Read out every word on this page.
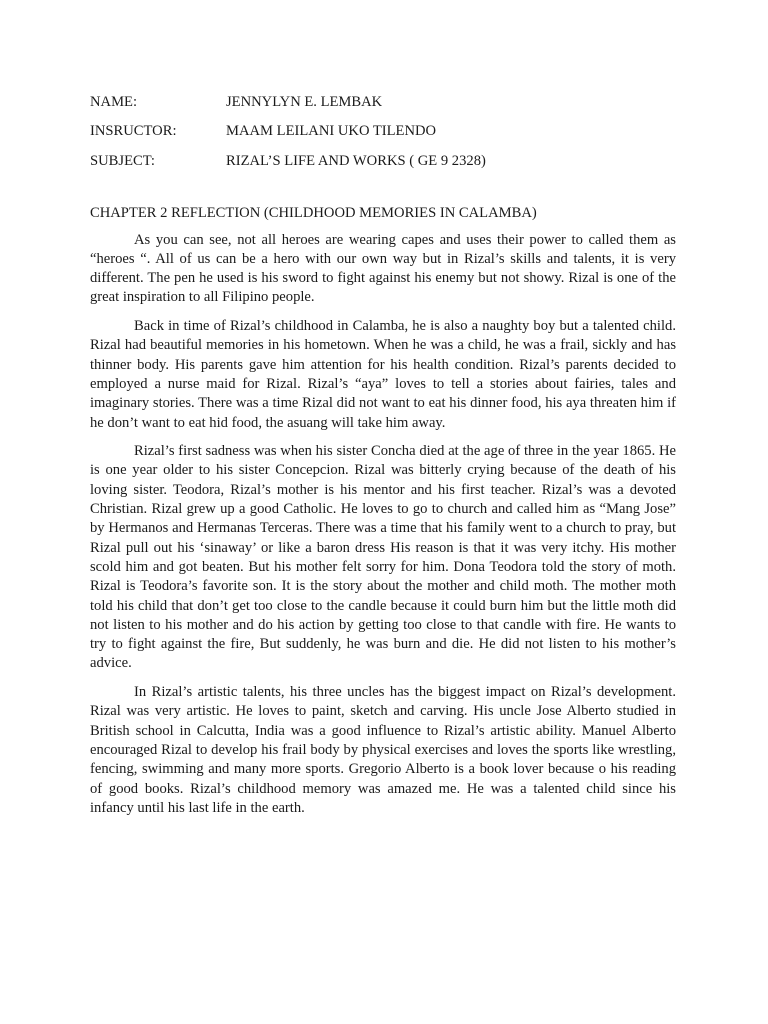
NAME:	JENNYLYN E. LEMBAK
INSRUCTOR:	MAAM LEILANI UKO TILENDO
SUBJECT:	RIZAL’S LIFE AND WORKS ( GE 9 2328)
CHAPTER 2 REFLECTION (CHILDHOOD MEMORIES IN CALAMBA)

As you can see, not all heroes are wearing capes and uses their power to called them as “heroes “. All of us can be a hero with our own way but in Rizal’s skills and talents, it is very different. The pen he used is his sword to fight against his enemy but not showy. Rizal is one of the great inspiration to all Filipino people.

Back in time of Rizal’s childhood in Calamba, he is also a naughty boy but a talented child. Rizal had beautiful memories in his hometown. When he was a child, he was a frail, sickly and has thinner body. His parents gave him attention for his health condition. Rizal’s parents decided to employed a nurse maid for Rizal. Rizal’s “aya” loves to tell a stories about fairies, tales and imaginary stories. There was a time Rizal did not want to eat his dinner food, his aya threaten him if he don’t want to eat hid food, the asuang will take him away.

Rizal’s first sadness was when his sister Concha died at the age of three in the year 1865. He is one year older to his sister Concepcion. Rizal was bitterly crying because of the death of his loving sister. Teodora, Rizal’s mother is his mentor and his first teacher. Rizal’s was a devoted Christian. Rizal grew up a good Catholic. He loves to go to church and called him as “Mang Jose” by Hermanos and Hermanas Terceras. There was a time that his family went to a church to pray, but Rizal pull out his ‘sinaway’ or like a baron dress His reason is that it was very itchy. His mother scold him and got beaten. But his mother felt sorry for him. Dona Teodora told the story of moth. Rizal is Teodora’s favorite son. It is the story about the mother and child moth. The mother moth told his child that don’t get too close to the candle because it could burn him but the little moth did not listen to his mother and do his action by getting too close to that candle with fire. He wants to try to fight against the fire, But suddenly, he was burn and die. He did not listen to his mother’s advice.

In Rizal’s artistic talents, his three uncles has the biggest impact on Rizal’s development. Rizal was very artistic. He loves to paint, sketch and carving. His uncle Jose Alberto studied in British school in Calcutta, India was a good influence to Rizal’s artistic ability. Manuel Alberto encouraged Rizal to develop his frail body by physical exercises and loves the sports like wrestling, fencing, swimming and many more sports. Gregorio Alberto is a book lover because o his reading of good books. Rizal’s childhood memory was amazed me. He was a talented child since his infancy until his last life in the earth.
